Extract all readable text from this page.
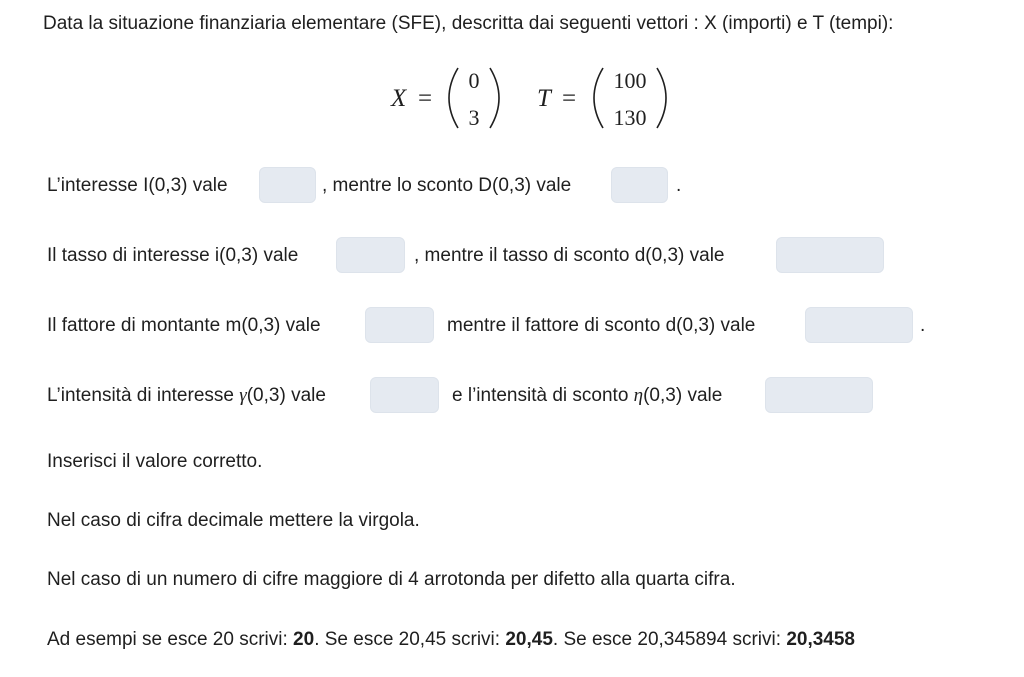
Data la situazione finanziaria elementare (SFE), descritta dai seguenti vettori : X (importi) e T (tempi):
X =
0
3
T =
100
130
L’interesse I(0,3) vale	, mentre lo sconto D(0,3) vale	.
Il tasso di interesse i(0,3) vale	, mentre il tasso di sconto d(0,3) vale
Il fattore di montante m(0,3) vale	mentre il fattore di sconto d(0,3) vale	.
L’intensità di interesse γ(0,3) vale	e l’intensità di sconto η(0,3) vale
Inserisci il valore corretto.
Nel caso di cifra decimale mettere la virgola.
Nel caso di un numero di cifre maggiore di 4 arrotonda per difetto alla quarta cifra.
Ad esempi se esce 20 scrivi: 20. Se esce 20,45 scrivi: 20,45. Se esce 20,345894 scrivi: 20,3458
